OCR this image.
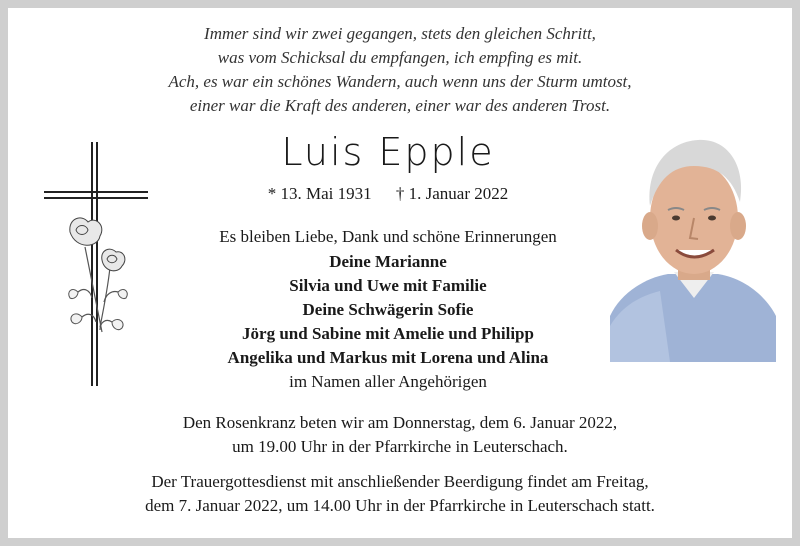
Immer sind wir zwei gegangen, stets den gleichen Schritt,
was vom Schicksal du empfangen, ich empfing es mit.
Ach, es war ein schönes Wandern, auch wenn uns der Sturm umtost,
einer war die Kraft des anderen, einer war des anderen Trost.
Luis Epple
* 13. Mai 1931 † 1. Januar 2022
Es bleiben Liebe, Dank und schöne Erinnerungen
Deine Marianne
Silvia und Uwe mit Familie
Deine Schwägerin Sofie
Jörg und Sabine mit Amelie und Philipp
Angelika und Markus mit Lorena und Alina
im Namen aller Angehörigen
Den Rosenkranz beten wir am Donnerstag, dem 6. Januar 2022,
um 19.00 Uhr in der Pfarrkirche in Leuterschach.
Der Trauergottesdienst mit anschließender Beerdigung findet am Freitag,
dem 7. Januar 2022, um 14.00 Uhr in der Pfarrkirche in Leuterschach statt.
